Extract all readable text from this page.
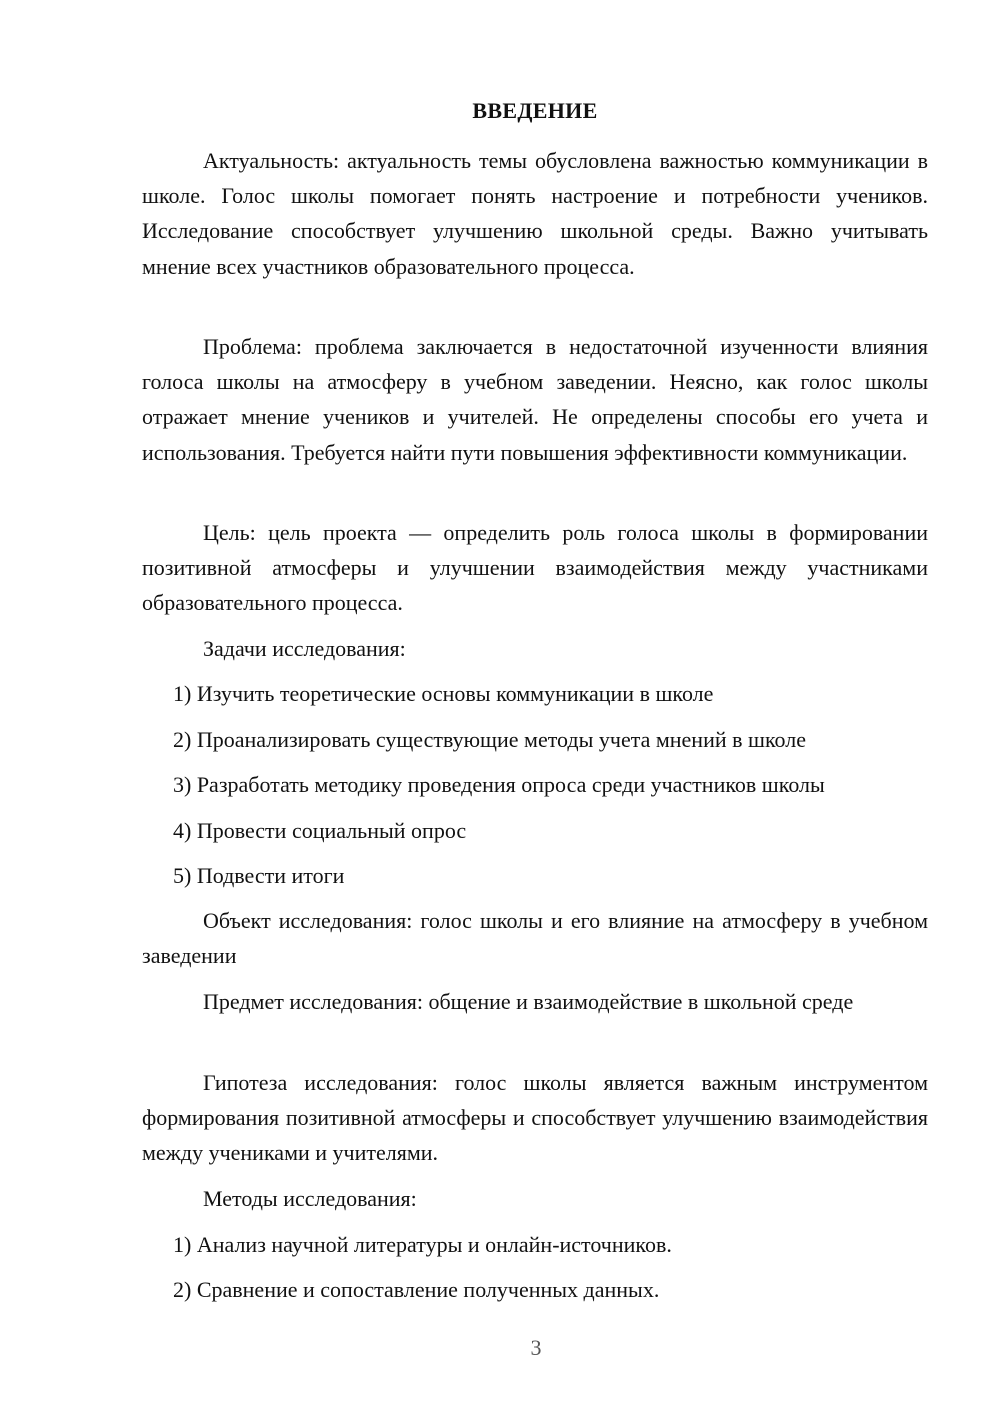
ВВЕДЕНИЕ

Актуальность: актуальность темы обусловлена важностью коммуникации в школе. Голос школы помогает понять настроение и потребности учеников. Исследование способствует улучшению школьной среды. Важно учитывать мнение всех участников образовательного процесса.

Проблема: проблема заключается в недостаточной изученности влияния голоса школы на атмосферу в учебном заведении. Неясно, как голос школы отражает мнение учеников и учителей. Не определены способы его учета и использования. Требуется найти пути повышения эффективности коммуникации.

Цель: цель проекта — определить роль голоса школы в формировании позитивной атмосферы и улучшении взаимодействия между участниками образовательного процесса.

Задачи исследования:

1) Изучить теоретические основы коммуникации в школе

2) Проанализировать существующие методы учета мнений в школе

3) Разработать методику проведения опроса среди участников школы

4) Провести социальный опрос

5) Подвести итоги

Объект исследования: голос школы и его влияние на атмосферу в учебном заведении

Предмет исследования: общение и взаимодействие в школьной среде

Гипотеза исследования: голос школы является важным инструментом формирования позитивной атмосферы и способствует улучшению взаимодействия между учениками и учителями.

Методы исследования:

1) Анализ научной литературы и онлайн-источников.

2) Сравнение и сопоставление полученных данных.

3
